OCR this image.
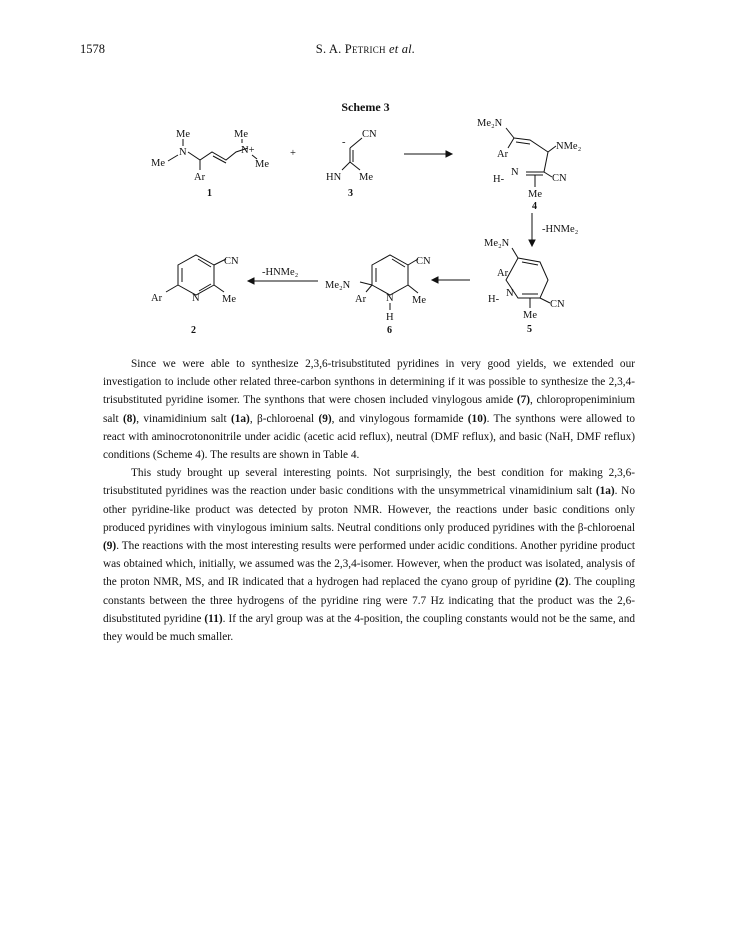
1578	S. A. Petrich et al.
Scheme 3
Me
N
Me
Ar
Me
N+
Me
1
+
-
CN
HN Me
3
Me₂N
NMe₂
Ar
CN
N
H-
Me
4
-HNMe₂
Me₂N
Ar
N
H-	CN
Me
5
CN
Me
N
H
Ar
Me₂N
6
-HNMe₂
CN
Me
N
Ar
2

Since we were able to synthesize 2,3,6-trisubstituted pyridines in very good yields, we extended our investigation to include other related three-carbon synthons in determining if it was possible to synthesize the 2,3,4-trisubstituted pyridine isomer. The synthons that were chosen included vinylogous amide (7), chloropropeniminium salt (8), vinamidinium salt (1a), β-chloroenal (9), and vinylogous formamide (10). The synthons were allowed to react with aminocrotononitrile under acidic (acetic acid reflux), neutral (DMF reflux), and basic (NaH, DMF reflux) conditions (Scheme 4). The results are shown in Table 4.

This study brought up several interesting points. Not surprisingly, the best condition for making 2,3,6-trisubstituted pyridines was the reaction under basic conditions with the unsymmetrical vinamidinium salt (1a). No other pyridine-like product was detected by proton NMR. However, the reactions under basic conditions only produced pyridines with vinylogous iminium salts. Neutral conditions only produced pyridines with the β-chloroenal (9). The reactions with the most interesting results were performed under acidic conditions. Another pyridine product was obtained which, initially, we assumed was the 2,3,4-isomer. However, when the product was isolated, analysis of the proton NMR, MS, and IR indicated that a hydrogen had replaced the cyano group of pyridine (2). The coupling constants between the three hydrogens of the pyridine ring were 7.7 Hz indicating that the product was the 2,6-disubstituted pyridine (11). If the aryl group was at the 4-position, the coupling constants would not be the same, and they would be much smaller.
